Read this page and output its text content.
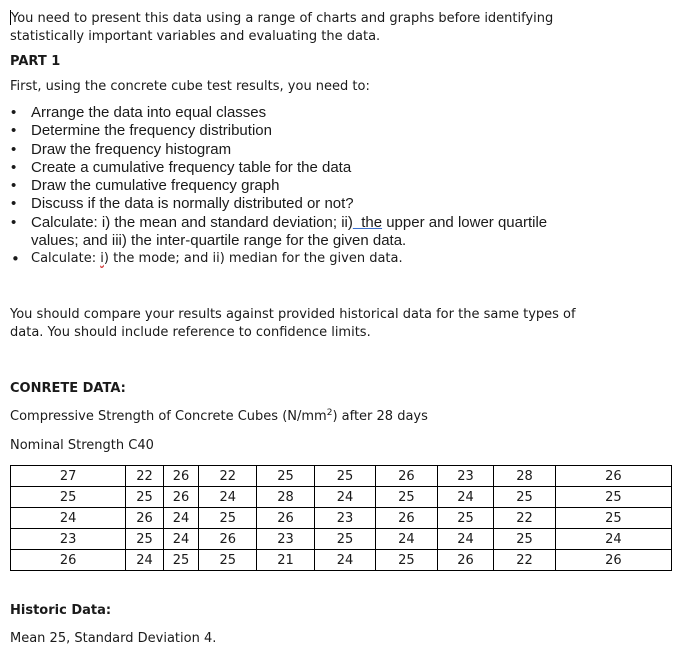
You need to present this data using a range of charts and graphs before identifying
statistically important variables and evaluating the data.
PART 1
First, using the concrete cube test results, you need to:
• Arrange the data into equal classes
• Determine the frequency distribution
• Draw the frequency histogram
• Create a cumulative frequency table for the data
• Draw the cumulative frequency graph
• Discuss if the data is normally distributed or not?
• Calculate: i) the mean and standard deviation; ii)  the upper and lower quartile
values; and iii) the inter-quartile range for the given data.
• Calculate: i) the mode; and ii) median for the given data.
You should compare your results against provided historical data for the same types of
data. You should include reference to confidence limits.
CONRETE DATA:
Compressive Strength of Concrete Cubes $(N/mm^2)$ after 28 days
Nominal Strength C40
27	22	26	22	25	25	26	23	28	26
25	25	26	24	28	24	25	24	25	25
24	26	24	25	26	23	26	25	22	25
23	25	24	26	23	25	24	24	25	24
26	24	25	25	21	24	25	26	22	26
Historic Data:
Mean 25, Standard Deviation 4.
